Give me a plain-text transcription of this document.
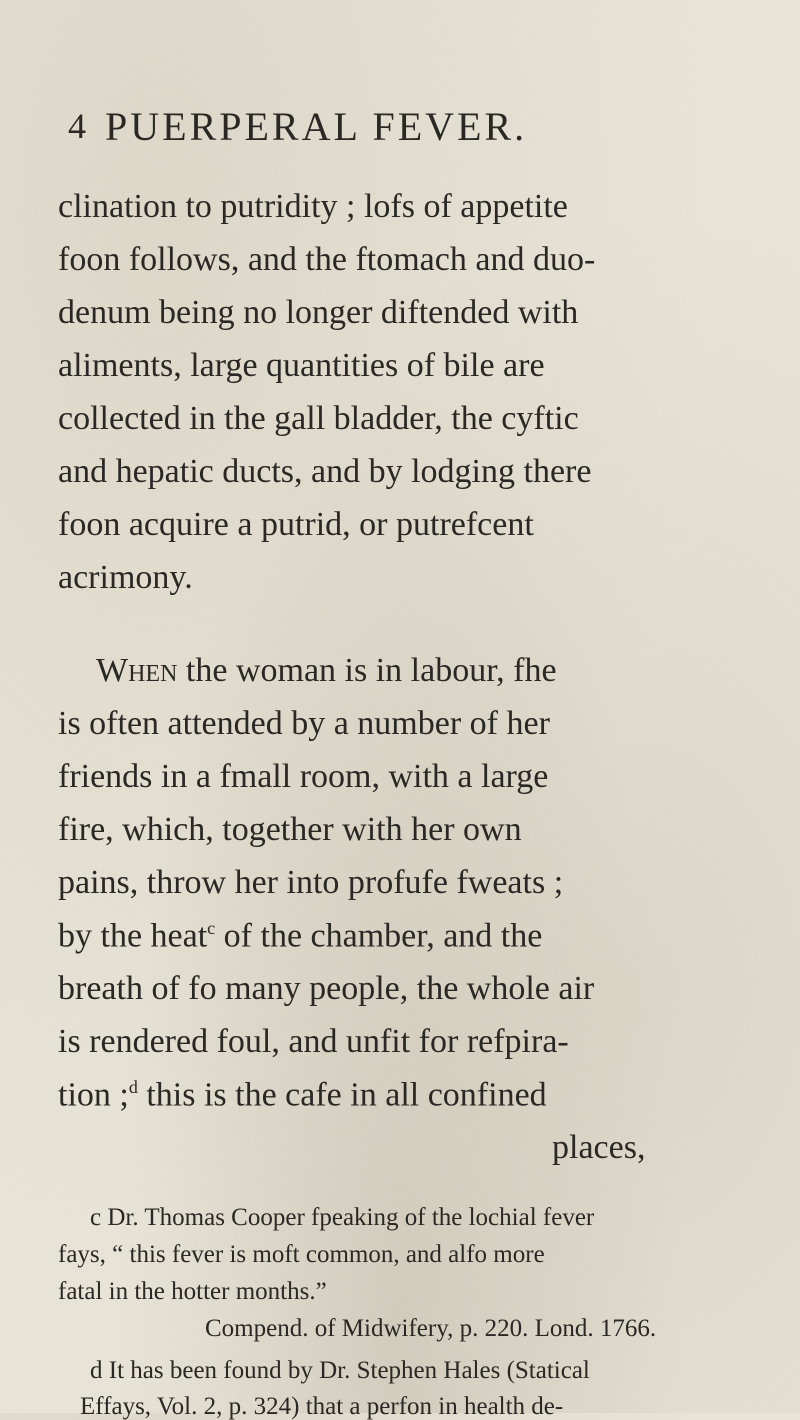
4 PUERPERAL FEVER.
clination to putridity ; lofs of appetite
foon follows, and the ftomach and duo-
denum being no longer diftended with
aliments, large quantities of bile are
collected in the gall bladder, the cyftic
and hepatic ducts, and by lodging there
foon acquire a putrid, or putrefcent
acrimony.
When the woman is in labour, fhe
is often attended by a number of her
friends in a fmall room, with a large
fire, which, together with her own
pains, throw her into profufe fweats ;
by the heat$^c$ of the chamber, and the
breath of fo many people, the whole air
is rendered foul, and unfit for refpira-
tion ;$^d$ this is the cafe in all confined
places,
c Dr. Thomas Cooper fpeaking of the lochial fever
fays, “ this fever is moft common, and alfo more
fatal in the hotter months.”
Compend. of Midwifery, p. 220. Lond. 1766.
d It has been found by Dr. Stephen Hales (Statical
Effays, Vol. 2, p. 324) that a perfon in health de-
